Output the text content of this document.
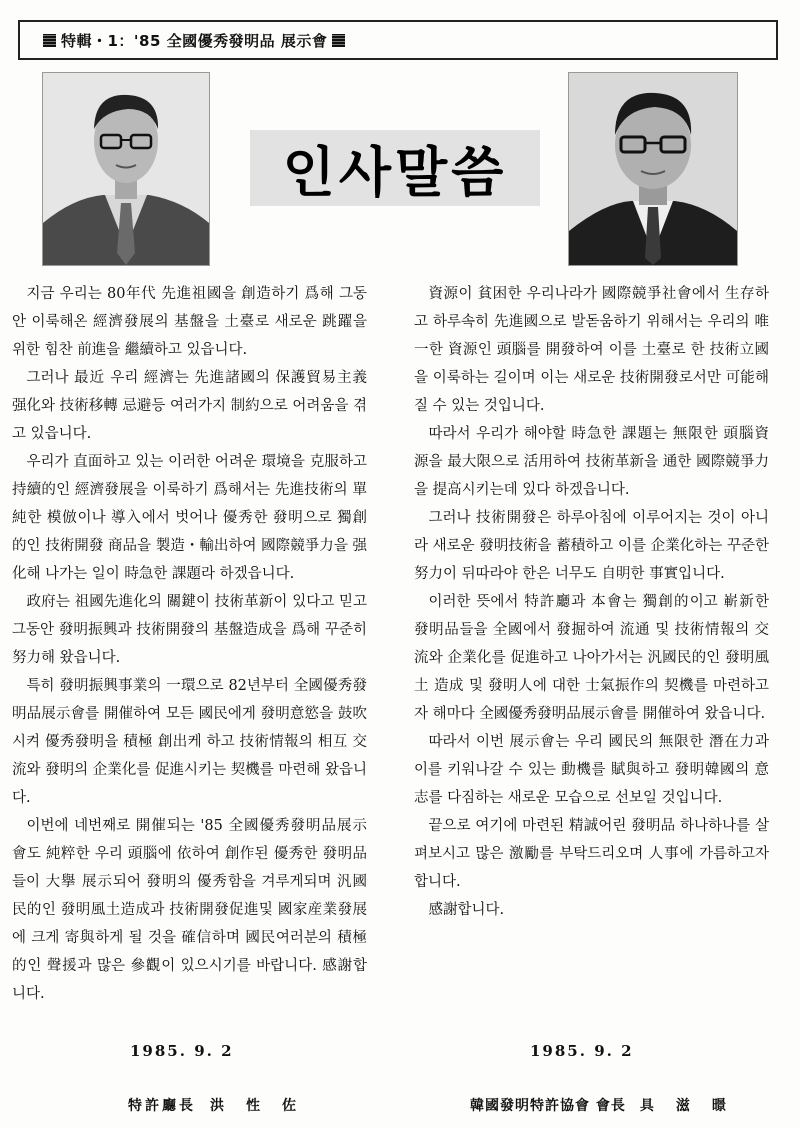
特輯・1：'85 全國優秀發明品 展示會
인사말씀

지금 우리는 80年代 先進祖國을 創造하기 爲해 그동안 이룩해온 經濟發展의 基盤을 土臺로 새로운 跳躍을 위한 힘찬 前進을 繼續하고 있읍니다.

그러나 最近 우리 經濟는 先進諸國의 保護貿易主義 强化와 技術移轉 忌避등 여러가지 制約으로 어려움을 겪고 있읍니다.

우리가 直面하고 있는 이러한 어려운 環境을 克服하고 持續的인 經濟發展을 이룩하기 爲해서는 先進技術의 單純한 模倣이나 導入에서 벗어나 優秀한 發明으로 獨創的인 技術開發 商品을 製造・輸出하여 國際競爭力을 强化해 나가는 일이 時急한 課題라 하겠읍니다.

政府는 祖國先進化의 關鍵이 技術革新이 있다고 믿고 그동안 發明振興과 技術開發의 基盤造成을 爲해 꾸준히 努力해 왔읍니다.

특히 發明振興事業의 一環으로 82년부터 全國優秀發明品展示會를 開催하여 모든 國民에게 發明意慾을 鼓吹시켜 優秀發明을 積極 創出케 하고 技術情報의 相互 交流와 發明의 企業化를 促進시키는 契機를 마련해 왔읍니다.

이번에 네번째로 開催되는 '85 全國優秀發明品展示會도 純粹한 우리 頭腦에 依하여 創作된 優秀한 發明品들이 大擧 展示되어 發明의 優秀함을 겨루게되며 汎國民的인 發明風土造成과 技術開發促進및 國家産業發展에 크게 寄與하게 될 것을 確信하며 國民여러분의 積極的인 聲援과 많은 參觀이 있으시기를 바랍니다. 感謝합니다.

資源이 貧困한 우리나라가 國際競爭社會에서 生存하고 하루속히 先進國으로 발돋움하기 위해서는 우리의 唯一한 資源인 頭腦를 開發하여 이를 土臺로 한 技術立國을 이룩하는 길이며 이는 새로운 技術開發로서만 可能해 질 수 있는 것입니다.

따라서 우리가 해야할 時急한 課題는 無限한 頭腦資源을 最大限으로 活用하여 技術革新을 通한 國際競爭力을 提高시키는데 있다 하겠읍니다.

그러나 技術開發은 하루아침에 이루어지는 것이 아니라 새로운 發明技術을 蓄積하고 이를 企業化하는 꾸준한 努力이 뒤따라야 한은 너무도 自明한 事實입니다.

이러한 뜻에서 特許廳과 本會는 獨創的이고 嶄新한 發明品들을 全國에서 發掘하여 流通 및 技術情報의 交流와 企業化를 促進하고 나아가서는 汎國民的인 發明風土 造成 및 發明人에 대한 士氣振作의 契機를 마련하고자 해마다 全國優秀發明品展示會를 開催하여 왔읍니다.

따라서 이번 展示會는 우리 國民의 無限한 潛在力과 이를 키워나갈 수 있는 動機를 賦與하고 發明韓國의 意志를 다짐하는 새로운 모습으로 선보일 것입니다.

끝으로 여기에 마련된 精誠어린 發明品 하나하나를 살펴보시고 많은 激勵를 부탁드리오며 人事에 가름하고자 합니다.

感謝합니다.

1985. 9. 2	1985. 9. 2
特許廳長 洪性佐	韓國發明特許協會 會長 具滋暻
